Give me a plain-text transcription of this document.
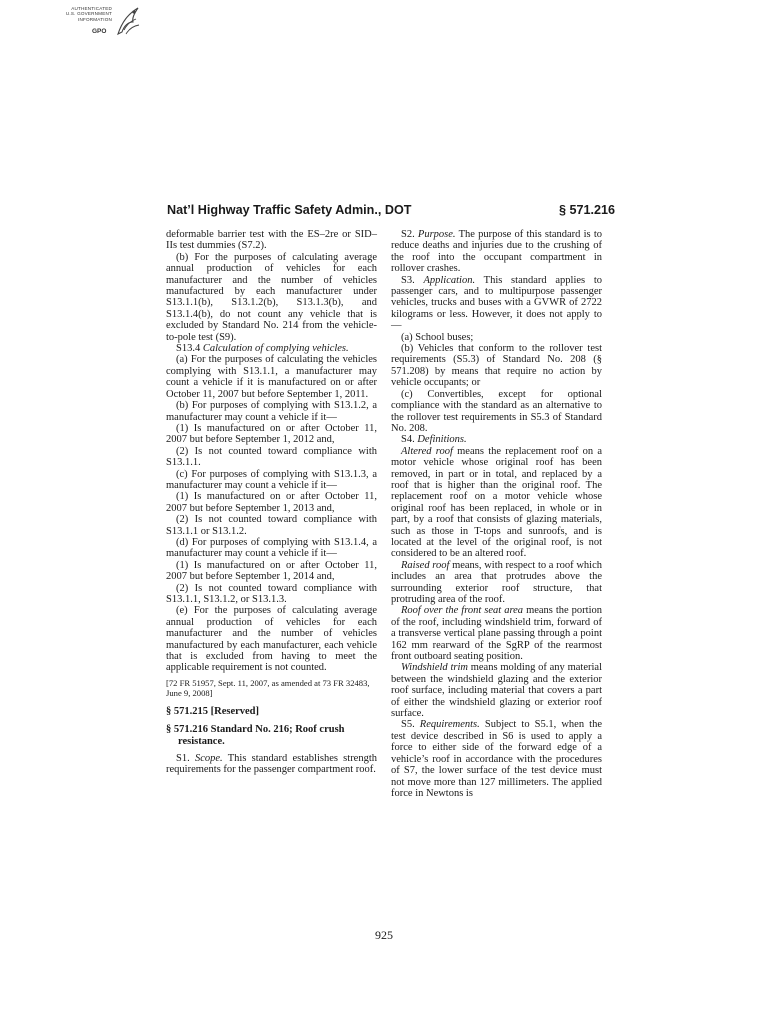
AUTHENTICATED
U.S. GOVERNMENT
INFORMATION
GPO
Nat’l Highway Traffic Safety Admin., DOT	§ 571.216

deformable barrier test with the ES–2re or SID–IIs test dummies (S7.2).

(b) For the purposes of calculating average annual production of vehicles for each manufacturer and the number of vehicles manufactured by each manufacturer under S13.1.1(b), S13.1.2(b), S13.1.3(b), and S13.1.4(b), do not count any vehicle that is excluded by Standard No. 214 from the vehicle-to-pole test (S9).

S13.4 Calculation of complying vehicles.

(a) For the purposes of calculating the vehicles complying with S13.1.1, a manufacturer may count a vehicle if it is manufactured on or after October 11, 2007 but before September 1, 2011.

(b) For purposes of complying with S13.1.2, a manufacturer may count a vehicle if it—

(1) Is manufactured on or after October 11, 2007 but before September 1, 2012 and,

(2) Is not counted toward compliance with S13.1.1.

(c) For purposes of complying with S13.1.3, a manufacturer may count a vehicle if it—

(1) Is manufactured on or after October 11, 2007 but before September 1, 2013 and,

(2) Is not counted toward compliance with S13.1.1 or S13.1.2.

(d) For purposes of complying with S13.1.4, a manufacturer may count a vehicle if it—

(1) Is manufactured on or after October 11, 2007 but before September 1, 2014 and,

(2) Is not counted toward compliance with S13.1.1, S13.1.2, or S13.1.3.

(e) For the purposes of calculating average annual production of vehicles for each manufacturer and the number of vehicles manufactured by each manufacturer, each vehicle that is excluded from having to meet the applicable requirement is not counted.

[72 FR 51957, Sept. 11, 2007, as amended at 73 FR 32483, June 9, 2008]

§ 571.215 [Reserved]

§ 571.216 Standard No. 216; Roof crush resistance.

S1. Scope. This standard establishes strength requirements for the passenger compartment roof.

S2. Purpose. The purpose of this standard is to reduce deaths and injuries due to the crushing of the roof into the occupant compartment in rollover crashes.

S3. Application. This standard applies to passenger cars, and to multipurpose passenger vehicles, trucks and buses with a GVWR of 2722 kilograms or less. However, it does not apply to—

(a) School buses;

(b) Vehicles that conform to the rollover test requirements (S5.3) of Standard No. 208 (§ 571.208) by means that require no action by vehicle occupants; or

(c) Convertibles, except for optional compliance with the standard as an alternative to the rollover test requirements in S5.3 of Standard No. 208.

S4. Definitions.

Altered roof means the replacement roof on a motor vehicle whose original roof has been removed, in part or in total, and replaced by a roof that is higher than the original roof. The replacement roof on a motor vehicle whose original roof has been replaced, in whole or in part, by a roof that consists of glazing materials, such as those in T-tops and sunroofs, and is located at the level of the original roof, is not considered to be an altered roof.

Raised roof means, with respect to a roof which includes an area that protrudes above the surrounding exterior roof structure, that protruding area of the roof.

Roof over the front seat area means the portion of the roof, including windshield trim, forward of a transverse vertical plane passing through a point 162 mm rearward of the SgRP of the rearmost front outboard seating position.

Windshield trim means molding of any material between the windshield glazing and the exterior roof surface, including material that covers a part of either the windshield glazing or exterior roof surface.

S5. Requirements. Subject to S5.1, when the test device described in S6 is used to apply a force to either side of the forward edge of a vehicle’s roof in accordance with the procedures of S7, the lower surface of the test device must not move more than 127 millimeters. The applied force in Newtons is

925
